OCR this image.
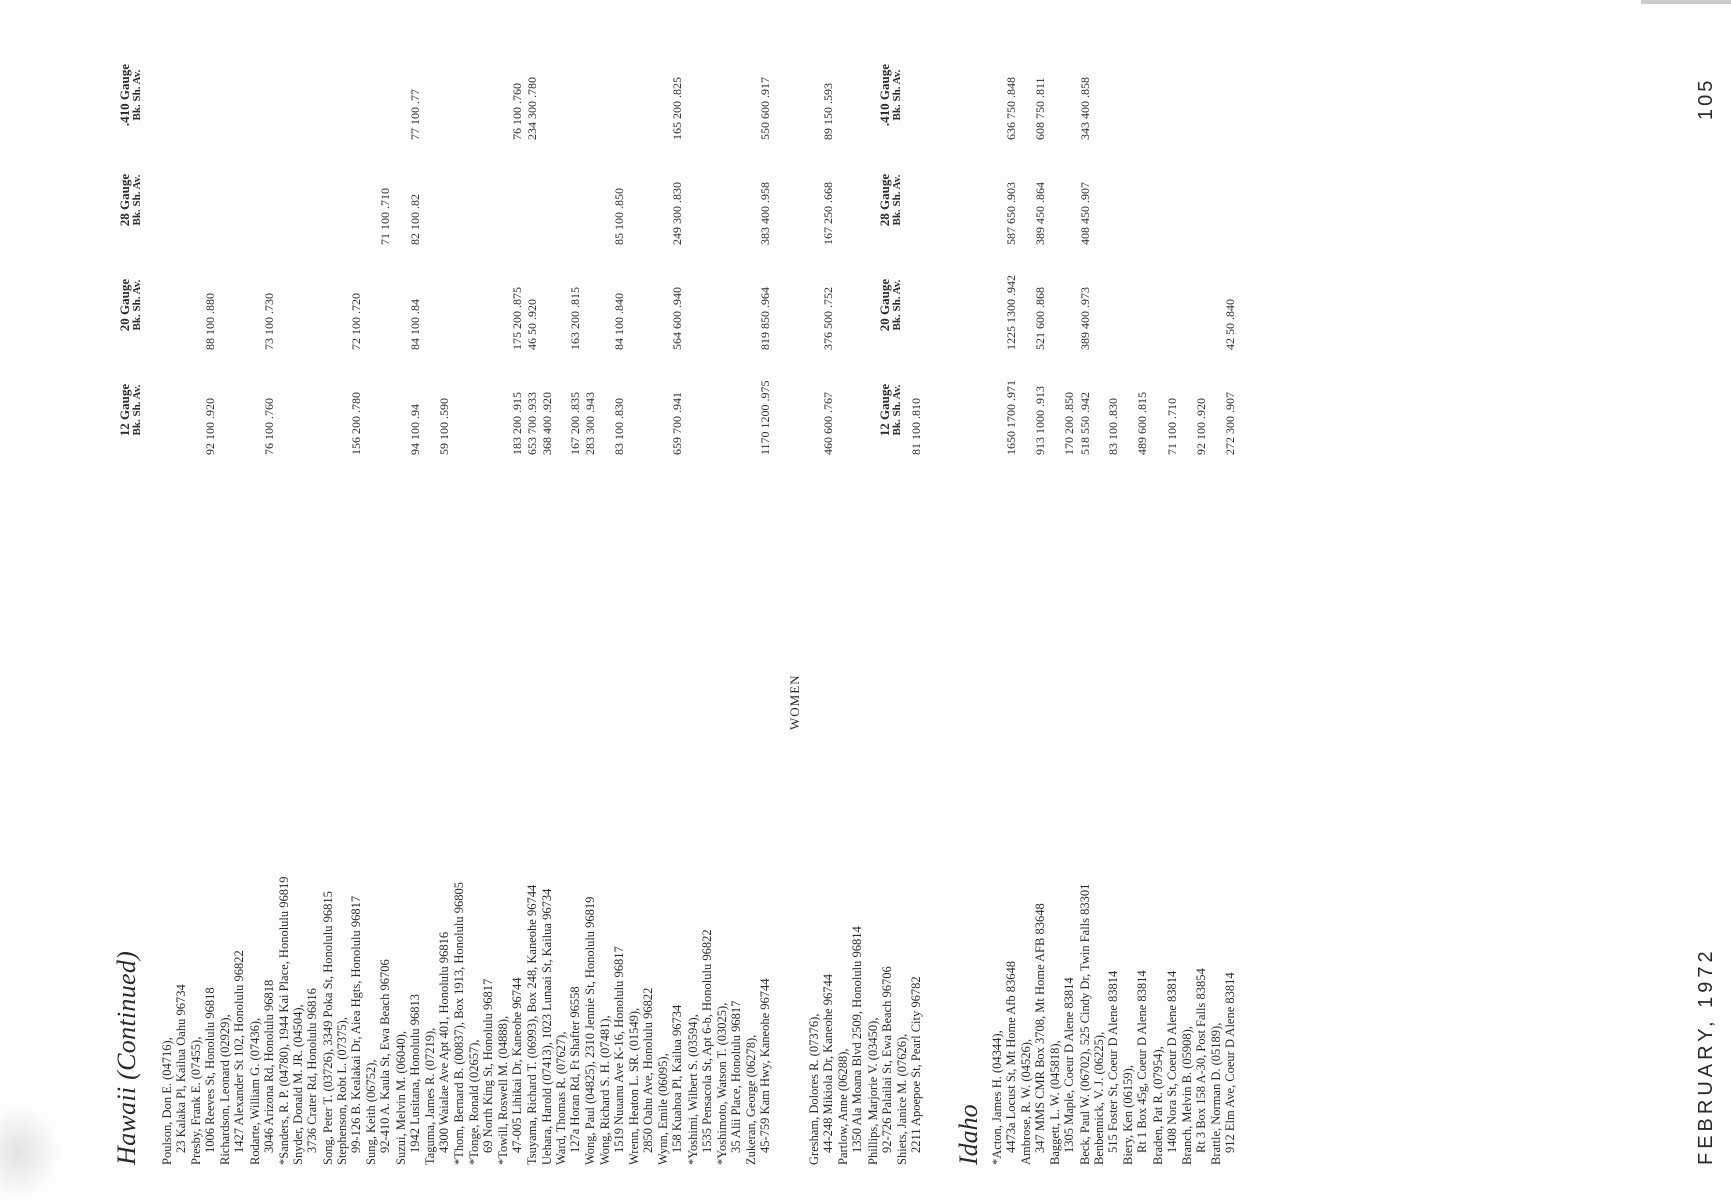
Hawaii (Continued)
12 Gauge Bk. Sh. Av.
20 Gauge Bk. Sh. Av.
28 Gauge Bk. Sh. Av.
.410 Gauge Bk. Sh. Av.
12 Gauge Bk. Sh. Av.
20 Gauge Bk. Sh. Av.
28 Gauge Bk. Sh. Av.
.410 Gauge Bk. Sh. Av.
Poulson, Don E. (04716), 23 Kalaka Pl, Kailua Oahu 96734 Presby, Frank E. (07455), 1006 Reeves St, Honolulu 96818
92 100 .920
88 100 .880
Richardson, Leonard (02929), 1427 Alexander St 102, Honolulu 96822 Rodarte, William G. (07436), 3046 Arizona Rd, Honolulu 96818
76 100 .760
73 100 .730
*Sanders, R. P. (04780), 1944 Kai Place, Honolulu 96819 Snyder, Donald M. JR. (04504), 3736 Crater Rd, Honolulu 96816 Song, Peter T. (03726), 3349 Poka St, Honolulu 96815 Stephenson, Robt L. (07375), 99-126 B. Kealakai Dr, Aiea Hgts, Honolulu 96817
156 200 .780
72 100 .720
Sung, Keith (06752), 92-410 A. Kaula St, Ewa Beach 96706
71 100 .710
Suzui, Melvin M. (06040), 1942 Lusitana, Honolulu 96813
94 100 .94
84 100 .84
82 100 .82
77 100 .77
Taguma, James R. (07219), 4300 Waialae Ave Apt 401, Honolulu 96816
59 100 .590
*Thom, Bernard B. (00837), Box 1913, Honolulu 96805 *Tonge, Ronald (02657), 69 North King St, Honolulu 96817 *Towill, Roswell M. (04888), 47-005 Lihikai Dr, Kaneohe 96744
183 200 .915
175 200 .875
76 100 .760
Tsuyama, Richard T. (06993), Box 248, Kaneohe 96744
653 700 .933
46 50 .920
234 300 .780
Uehara, Harold (07413), 1023 Lunaai St, Kailua 96734
368 400 .920
Ward, Thomas R. (07627), 127a Horan Rd, Ft Shafter 96558
167 200 .835
163 200 .815
Wong, Paul (04825), 2310 Jennie St, Honolulu 96819
283 300 .943
Wong, Richard S. H. (07481), 1519 Nuuanu Ave K-16, Honolulu 96817
83 100 .830
84 100 .840
85 100 .850
Wrenn, Heaton L. SR. (01549), 2850 Oahu Ave, Honolulu 96822 Wynn, Emile (06095), 158 Kuahoa Pl, Kailua 96734
659 700 .941
564 600 .940
249 300 .830
165 200 .825
*Yoshimi, Wilbert S. (03594), 1535 Pensacola St, Apt 6-b, Honolulu 96822 *Yoshimoto, Watson T. (03025), 35 Alii Place, Honolulu 96817 Zukeran, George (06278), 45-759 Kam Hwy, Kaneohe 96744
1170 1200 .975
819 850 .964
383 400 .958
550 600 .917
WOMEN
Gresham, Dolores R. (07376), 44-248 Mikiola Dr, Kaneohe 96744
460 600 .767
376 500 .752
167 250 .668
89 150 .593
Partlow, Anne (06288), 1350 Ala Moana Blvd 2509, Honolulu 96814 Phillips, Marjorie V. (03450), 92-726 Palailai St, Ewa Beach 96706 Shiets, Janice M. (07626), 2211 Apoepoe St, Pearl City 96782
81 100 .810
Idaho *Acton, James H. (04344), 4473a Locust St, Mt Home Afb 83648
1650 1700 .971
1225 1300 .942
587 650 .903
636 750 .848
Ambrose, R. W. (04526), 347 MMS CMR Box 3708, Mt Home AFB 83648
913 1000 .913
521 600 .868
389 450 .864
608 750 .811
Baggett, L. W. (045818), 1305 Maple, Coeur D Alene 83814
170 200 .850
Beck, Paul W. (06702), 525 Cindy Dr, Twin Falls 83301
518 550 .942
389 400 .973
408 450 .907
343 400 .858
Benbennick, V. J. (06225), 515 Foster St, Coeur D Alene 83814
83 100 .830
Biery, Ken (06159), Rt 1 Box 45g, Coeur D Alene 83814
489 600 .815
Braden, Pat R. (07954), 1408 Nora St, Coeur D Alene 83814
71 100 .710
Branch, Melvin B. (05908), Rt 3 Box 158 A-30, Post Falls 83854
92 100 .920
Brattle, Norman D. (05189), 912 Elm Ave, Coeur D Alene 83814
272 300 .907
42 50 .840
FEBRUARY, 1972
105
